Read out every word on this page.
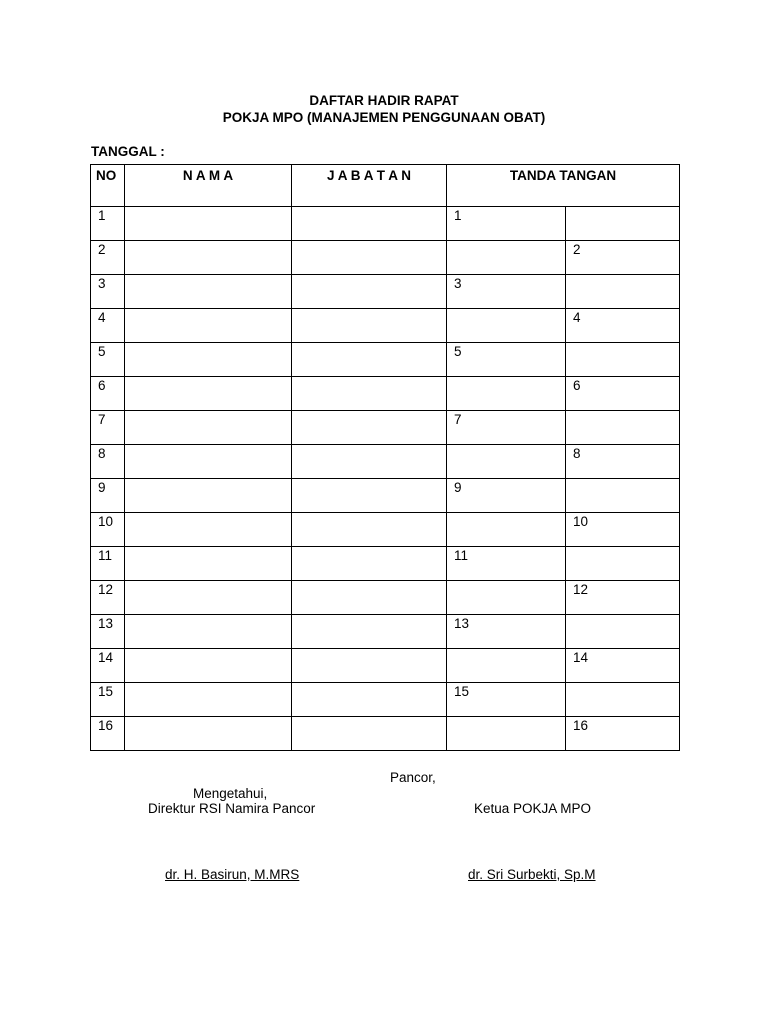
DAFTAR HADIR RAPAT
POKJA MPO (MANAJEMEN PENGGUNAAN OBAT)
TANGGAL :
NO	N A M A	J A B A T A N	TANDA TANGAN	
1			1	
2				2
3			3	
4				4
5			5	
6				6
7			7	
8				8
9			9	
10				10
11			11	
12				12
13			13	
14				14
15			15	
16				16
Pancor,
Mengetahui,
Direktur RSI Namira Pancor	Ketua POKJA MPO
dr. H. Basirun, M.MRS	dr. Sri Surbekti, Sp.M
